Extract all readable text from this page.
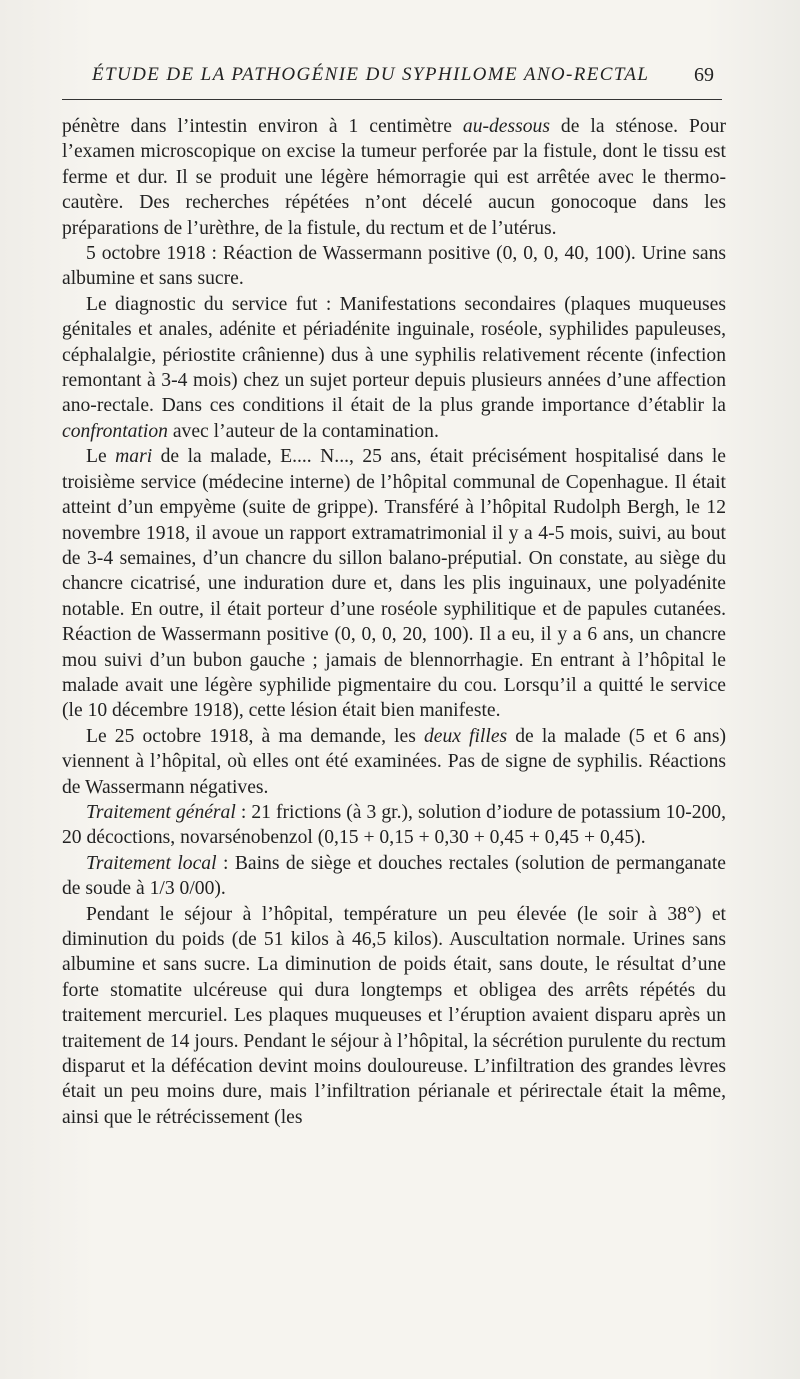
ÉTUDE DE LA PATHOGÉNIE DU SYPHILOME ANO-RECTAL 69

pénètre dans l’intestin environ à 1 centimètre au-dessous de la sténose. Pour l’examen microscopique on excise la tumeur perforée par la fistule, dont le tissu est ferme et dur. Il se produit une légère hémorragie qui est arrêtée avec le thermo-cautère. Des recherches répétées n’ont décelé aucun gonocoque dans les préparations de l’urèthre, de la fistule, du rectum et de l’utérus.

5 octobre 1918 : Réaction de Wassermann positive (0, 0, 0, 40, 100). Urine sans albumine et sans sucre.

Le diagnostic du service fut : Manifestations secondaires (plaques muqueuses génitales et anales, adénite et périadénite inguinale, roséole, syphilides papuleuses, céphalalgie, périostite crânienne) dus à une syphilis relativement récente (infection remontant à 3-4 mois) chez un sujet porteur depuis plusieurs années d’une affection ano-rectale. Dans ces conditions il était de la plus grande importance d’établir la confrontation avec l’auteur de la contamination.

Le mari de la malade, E.... N..., 25 ans, était précisément hospitalisé dans le troisième service (médecine interne) de l’hôpital communal de Copenhague. Il était atteint d’un empyème (suite de grippe). Transféré à l’hôpital Rudolph Bergh, le 12 novembre 1918, il avoue un rapport extramatrimonial il y a 4-5 mois, suivi, au bout de 3-4 semaines, d’un chancre du sillon balano-préputial. On constate, au siège du chancre cicatrisé, une induration dure et, dans les plis inguinaux, une polyadénite notable. En outre, il était porteur d’une roséole syphilitique et de papules cutanées. Réaction de Wassermann positive (0, 0, 0, 20, 100). Il a eu, il y a 6 ans, un chancre mou suivi d’un bubon gauche ; jamais de blennorrhagie. En entrant à l’hôpital le malade avait une légère syphilide pigmentaire du cou. Lorsqu’il a quitté le service (le 10 décembre 1918), cette lésion était bien manifeste.

Le 25 octobre 1918, à ma demande, les deux filles de la malade (5 et 6 ans) viennent à l’hôpital, où elles ont été examinées. Pas de signe de syphilis. Réactions de Wassermann négatives.

Traitement général : 21 frictions (à 3 gr.), solution d’iodure de potassium 10-200, 20 décoctions, novarsénobenzol (0,15 + 0,15 + 0,30 + 0,45 + 0,45 + 0,45).

Traitement local : Bains de siège et douches rectales (solution de permanganate de soude à 1/3 0/00).

Pendant le séjour à l’hôpital, température un peu élevée (le soir à 38°) et diminution du poids (de 51 kilos à 46,5 kilos). Auscultation normale. Urines sans albumine et sans sucre. La diminution de poids était, sans doute, le résultat d’une forte stomatite ulcéreuse qui dura longtemps et obligea des arrêts répétés du traitement mercuriel. Les plaques muqueuses et l’éruption avaient disparu après un traitement de 14 jours. Pendant le séjour à l’hôpital, la sécrétion purulente du rectum disparut et la défécation devint moins douloureuse. L’infiltration des grandes lèvres était un peu moins dure, mais l’infiltration périanale et périrectale était la même, ainsi que le rétrécissement (les
